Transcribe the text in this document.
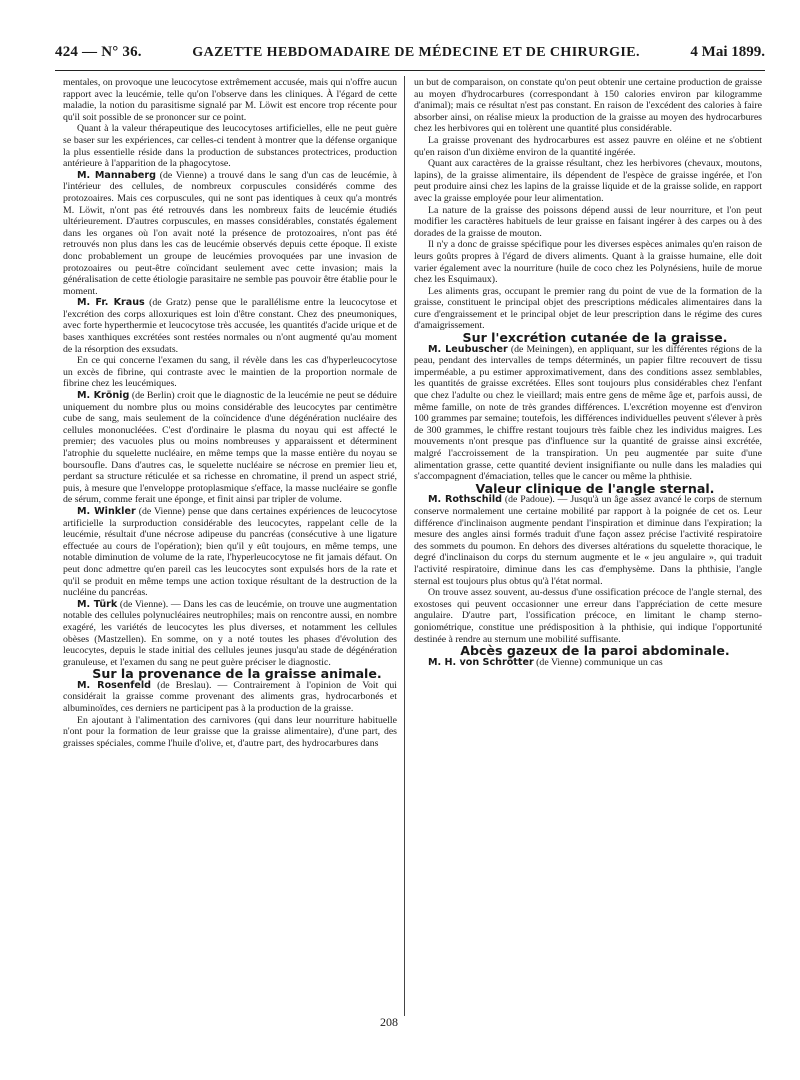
424 — N° 36.	GAZETTE HEBDOMADAIRE DE MÉDECINE ET DE CHIRURGIE.	4 Mai 1899.

mentales, on provoque une leucocytose extrêmement accusée, mais qui n'offre aucun rapport avec la leucémie, telle qu'on l'observe dans les cliniques. À l'égard de cette maladie, la notion du parasitisme signalé par M. Löwit est encore trop récente pour qu'il soit possible de se prononcer sur ce point.

Quant à la valeur thérapeutique des leucocytoses artificielles, elle ne peut guère se baser sur les expériences, car celles-ci tendent à montrer que la défense organique la plus essentielle réside dans la production de substances protectrices, production antérieure à l'apparition de la phagocytose.

M. Mannaberg (de Vienne) a trouvé dans le sang d'un cas de leucémie, à l'intérieur des cellules, de nombreux corpuscules considérés comme des protozoaires. Mais ces corpuscules, qui ne sont pas identiques à ceux qu'a montrés M. Löwit, n'ont pas été retrouvés dans les nombreux faits de leucémie étudiés ultérieurement. D'autres corpuscules, en masses considérables, constatés également dans les organes où l'on avait noté la présence de protozoaires, n'ont pas été retrouvés non plus dans les cas de leucémie observés depuis cette époque. Il existe donc probablement un groupe de leucémies provoquées par une invasion de protozoaires ou peut-être coïncidant seulement avec cette invasion; mais la généralisation de cette étiologie parasitaire ne semble pas pouvoir être établie pour le moment.

M. Fr. Kraus (de Gratz) pense que le parallélisme entre la leucocytose et l'excrétion des corps alloxuriques est loin d'être constant. Chez des pneumoniques, avec forte hyperthermie et leucocytose très accusée, les quantités d'acide urique et de bases xanthiques excrétées sont restées normales ou n'ont augmenté qu'au moment de la résorption des exsudats.

En ce qui concerne l'examen du sang, il révèle dans les cas d'hyperleucocytose un excès de fibrine, qui contraste avec le maintien de la proportion normale de fibrine chez les leucémiques.

M. Krönig (de Berlin) croit que le diagnostic de la leucémie ne peut se déduire uniquement du nombre plus ou moins considérable des leucocytes par centimètre cube de sang, mais seulement de la coïncidence d'une dégénération nucléaire des cellules mononucléées. C'est d'ordinaire le plasma du noyau qui est affecté le premier; des vacuoles plus ou moins nombreuses y apparaissent et déterminent l'atrophie du squelette nucléaire, en même temps que la masse entière du noyau se boursoufle. Dans d'autres cas, le squelette nucléaire se nécrose en premier lieu et, perdant sa structure réticulée et sa richesse en chromatine, il prend un aspect strié, puis, à mesure que l'enveloppe protoplasmique s'efface, la masse nucléaire se gonfle de sérum, comme ferait une éponge, et finit ainsi par tripler de volume.

M. Winkler (de Vienne) pense que dans certaines expériences de leucocytose artificielle la surproduction considérable des leucocytes, rappelant celle de la leucémie, résultait d'une nécrose adipeuse du pancréas (consécutive à une ligature effectuée au cours de l'opération); bien qu'il y eût toujours, en même temps, une notable diminution de volume de la rate, l'hyperleucocytose ne fit jamais défaut. On peut donc admettre qu'en pareil cas les leucocytes sont expulsés hors de la rate et qu'il se produit en même temps une action toxique résultant de la destruction de la nucléine du pancréas.

M. Türk (de Vienne). — Dans les cas de leucémie, on trouve une augmentation notable des cellules polynucléaires neutrophiles; mais on rencontre aussi, en nombre exagéré, les variétés de leucocytes les plus diverses, et notamment les cellules obèses (Mastzellen). En somme, on y a noté toutes les phases d'évolution des leucocytes, depuis le stade initial des cellules jeunes jusqu'au stade de dégénération granuleuse, et l'examen du sang ne peut guère préciser le diagnostic.

Sur la provenance de la graisse animale.

M. Rosenfeld (de Breslau). — Contrairement à l'opinion de Voit qui considérait la graisse comme provenant des aliments gras, hydrocarbonés et albuminoïdes, ces derniers ne participent pas à la production de la graisse.

En ajoutant à l'alimentation des carnivores (qui dans leur nourriture habituelle n'ont pour la formation de leur graisse que la graisse alimentaire), d'une part, des graisses spéciales, comme l'huile d'olive, et, d'autre part, des hydrocarbures dans

un but de comparaison, on constate qu'on peut obtenir une certaine production de graisse au moyen d'hydrocarbures (correspondant à 150 calories environ par kilogramme d'animal); mais ce résultat n'est pas constant. En raison de l'excédent des calories à faire absorber ainsi, on réalise mieux la production de la graisse au moyen des hydrocarbures chez les herbivores qui en tolèrent une quantité plus considérable.

La graisse provenant des hydrocarbures est assez pauvre en oléine et ne s'obtient qu'en raison d'un dixième environ de la quantité ingérée.

Quant aux caractères de la graisse résultant, chez les herbivores (chevaux, moutons, lapins), de la graisse alimentaire, ils dépendent de l'espèce de graisse ingérée, et l'on peut produire ainsi chez les lapins de la graisse liquide et de la graisse solide, en rapport avec la graisse employée pour leur alimentation.

La nature de la graisse des poissons dépend aussi de leur nourriture, et l'on peut modifier les caractères habituels de leur graisse en faisant ingérer à des carpes ou à des dorades de la graisse de mouton.

Il n'y a donc de graisse spécifique pour les diverses espèces animales qu'en raison de leurs goûts propres à l'égard de divers aliments. Quant à la graisse humaine, elle doit varier également avec la nourriture (huile de coco chez les Polynésiens, huile de morue chez les Esquimaux).

Les aliments gras, occupant le premier rang du point de vue de la formation de la graisse, constituent le principal objet des prescriptions médicales alimentaires dans la cure d'engraissement et le principal objet de leur prescription dans le régime des cures d'amaigrissement.

Sur l'excrétion cutanée de la graisse.

M. Leubuscher (de Meiningen), en appliquant, sur les différentes régions de la peau, pendant des intervalles de temps déterminés, un papier filtre recouvert de tissu imperméable, a pu estimer approximativement, dans des conditions assez semblables, les quantités de graisse excrétées. Elles sont toujours plus considérables chez l'enfant que chez l'adulte ou chez le vieillard; mais entre gens de même âge et, parfois aussi, de même famille, on note de très grandes différences. L'excrétion moyenne est d'environ 100 grammes par semaine; toutefois, les différences individuelles peuvent s'élever à près de 300 grammes, le chiffre restant toujours très faible chez les individus maigres. Les mouvements n'ont presque pas d'influence sur la quantité de graisse ainsi excrétée, malgré l'accroissement de la transpiration. Un peu augmentée par suite d'une alimentation grasse, cette quantité devient insignifiante ou nulle dans les maladies qui s'accompagnent d'émaciation, telles que le cancer ou même la phthisie.

Valeur clinique de l'angle sternal.

M. Rothschild (de Padoue). — Jusqu'à un âge assez avancé le corps de sternum conserve normalement une certaine mobilité par rapport à la poignée de cet os. Leur différence d'inclinaison augmente pendant l'inspiration et diminue dans l'expiration; la mesure des angles ainsi formés traduit d'une façon assez précise l'activité respiratoire des sommets du poumon. En dehors des diverses altérations du squelette thoracique, le degré d'inclinaison du corps du sternum augmente et le « jeu angulaire », qui traduit l'activité respiratoire, diminue dans les cas d'emphysème. Dans la phthisie, l'angle sternal est toujours plus obtus qu'à l'état normal.

On trouve assez souvent, au-dessus d'une ossification précoce de l'angle sternal, des exostoses qui peuvent occasionner une erreur dans l'appréciation de cette mesure angulaire. D'autre part, l'ossification précoce, en limitant le champ sterno-goniométrique, constitue une prédisposition à la phthisie, qui indique l'opportunité destinée à rendre au sternum une mobilité suffisante.

Abcès gazeux de la paroi abdominale.

M. H. von Schrötter (de Vienne) communique un cas

208
